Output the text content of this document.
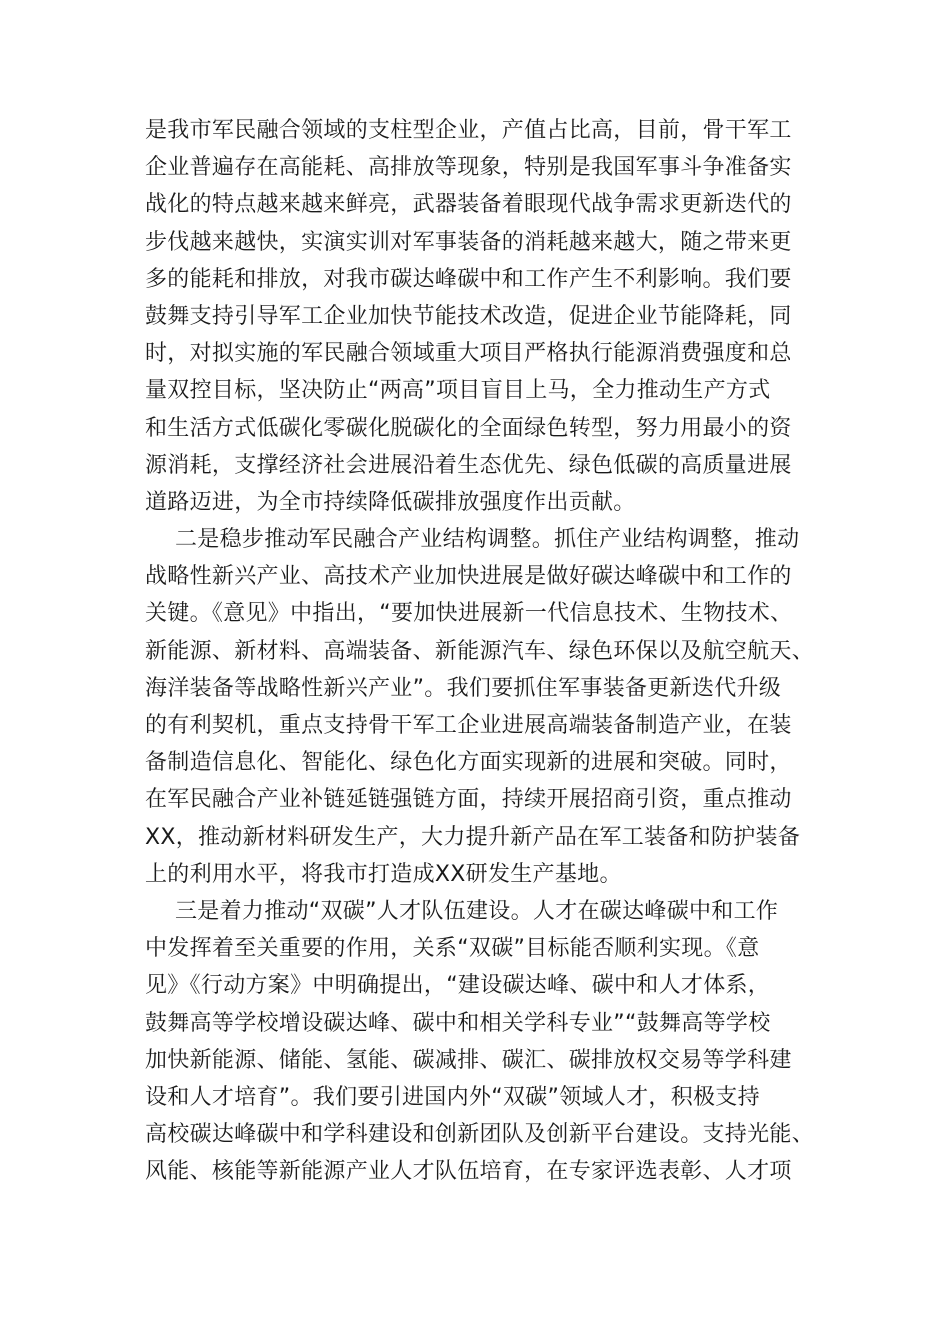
是我市军民融合领域的支柱型企业，产值占比高，目前，骨干军工
企业普遍存在高能耗、高排放等现象，特别是我国军事斗争准备实
战化的特点越来越来鲜亮，武器装备着眼现代战争需求更新迭代的
步伐越来越快，实演实训对军事装备的消耗越来越大，随之带来更
多的能耗和排放，对我市碳达峰碳中和工作产生不利影响。我们要
鼓舞支持引导军工企业加快节能技术改造，促进企业节能降耗，同
时，对拟实施的军民融合领域重大项目严格执行能源消费强度和总
量双控目标，坚决防止“两高”项目盲目上马，全力推动生产方式
和生活方式低碳化零碳化脱碳化的全面绿色转型，努力用最小的资
源消耗，支撑经济社会进展沿着生态优先、绿色低碳的高质量进展
道路迈进，为全市持续降低碳排放强度作出贡献。
二是稳步推动军民融合产业结构调整。抓住产业结构调整，推动
战略性新兴产业、高技术产业加快进展是做好碳达峰碳中和工作的
关键。《意见》中指出，“要加快进展新一代信息技术、生物技术、
新能源、新材料、高端装备、新能源汽车、绿色环保以及航空航天、
海洋装备等战略性新兴产业”。我们要抓住军事装备更新迭代升级
的有利契机，重点支持骨干军工企业进展高端装备制造产业，在装
备制造信息化、智能化、绿色化方面实现新的进展和突破。同时，
在军民融合产业补链延链强链方面，持续开展招商引资，重点推动
XX，推动新材料研发生产，大力提升新产品在军工装备和防护装备
上的利用水平，将我市打造成XX研发生产基地。
三是着力推动“双碳”人才队伍建设。人才在碳达峰碳中和工作
中发挥着至关重要的作用，关系“双碳”目标能否顺利实现。《意
见》《行动方案》中明确提出，“建设碳达峰、碳中和人才体系，
鼓舞高等学校增设碳达峰、碳中和相关学科专业”“鼓舞高等学校
加快新能源、储能、氢能、碳减排、碳汇、碳排放权交易等学科建
设和人才培育”。我们要引进国内外“双碳”领域人才，积极支持
高校碳达峰碳中和学科建设和创新团队及创新平台建设。支持光能、
风能、核能等新能源产业人才队伍培育，在专家评选表彰、人才项
